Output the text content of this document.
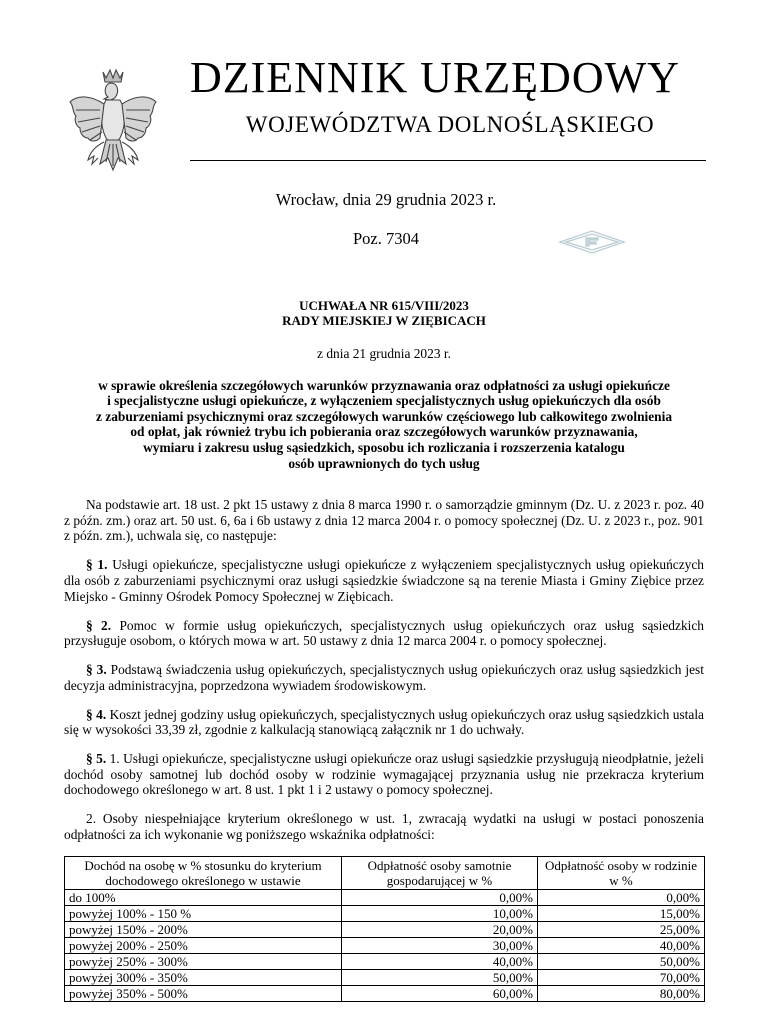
DZIENNIK URZĘDOWY
WOJEWÓDZTWA DOLNOŚLĄSKIEGO
Wrocław, dnia 29 grudnia 2023 r.
Poz. 7304
UCHWAŁA NR 615/VIII/2023
RADY MIEJSKIEJ W ZIĘBICACH
z dnia 21 grudnia 2023 r.
w sprawie określenia szczegółowych warunków przyznawania oraz odpłatności za usługi opiekuńcze
i specjalistyczne usługi opiekuńcze, z wyłączeniem specjalistycznych usług opiekuńczych dla osób
z zaburzeniami psychicznymi oraz szczegółowych warunków częściowego lub całkowitego zwolnienia
od opłat, jak również trybu ich pobierania oraz szczegółowych warunków przyznawania,
wymiaru i zakresu usług sąsiedzkich, sposobu ich rozliczania i rozszerzenia katalogu
osób uprawnionych do tych usług

Na podstawie art. 18 ust. 2 pkt 15 ustawy z dnia 8 marca 1990 r. o samorządzie gminnym (Dz. U. z 2023 r. poz. 40 z późn. zm.) oraz art. 50 ust. 6, 6a i 6b ustawy z dnia 12 marca 2004 r. o pomocy społecznej (Dz. U. z 2023 r., poz. 901 z późn. zm.), uchwala się, co następuje:

§ 1. Usługi opiekuńcze, specjalistyczne usługi opiekuńcze z wyłączeniem specjalistycznych usług opiekuńczych dla osób z zaburzeniami psychicznymi oraz usługi sąsiedzkie świadczone są na terenie Miasta i Gminy Ziębice przez Miejsko - Gminny Ośrodek Pomocy Społecznej w Ziębicach.

§ 2. Pomoc w formie usług opiekuńczych, specjalistycznych usług opiekuńczych oraz usług sąsiedzkich przysługuje osobom, o których mowa w art. 50 ustawy z dnia 12 marca 2004 r. o pomocy społecznej.

§ 3. Podstawą świadczenia usług opiekuńczych, specjalistycznych usług opiekuńczych oraz usług sąsiedzkich jest decyzja administracyjna, poprzedzona wywiadem środowiskowym.

§ 4. Koszt jednej godziny usług opiekuńczych, specjalistycznych usług opiekuńczych oraz usług sąsiedzkich ustala się w wysokości 33,39 zł, zgodnie z kalkulacją stanowiącą załącznik nr 1 do uchwały.

§ 5. 1. Usługi opiekuńcze, specjalistyczne usługi opiekuńcze oraz usługi sąsiedzkie przysługują nieodpłatnie, jeżeli dochód osoby samotnej lub dochód osoby w rodzinie wymagającej przyznania usług nie przekracza kryterium dochodowego określonego w art. 8 ust. 1 pkt 1 i 2 ustawy o pomocy społecznej.

2. Osoby niespełniające kryterium określonego w ust. 1, zwracają wydatki na usługi w postaci ponoszenia odpłatności za ich wykonanie wg poniższego wskaźnika odpłatności:

Dochód na osobę w % stosunku do kryterium dochodowego określonego w ustawie	Odpłatność osoby samotnie gospodarującej w %	Odpłatność osoby w rodzinie w %
do 100%	0,00%	0,00%
powyżej 100% - 150 %	10,00%	15,00%
powyżej 150% - 200%	20,00%	25,00%
powyżej 200% - 250%	30,00%	40,00%
powyżej 250% - 300%	40,00%	50,00%
powyżej 300% - 350%	50,00%	70,00%
powyżej 350% - 500%	60,00%	80,00%
